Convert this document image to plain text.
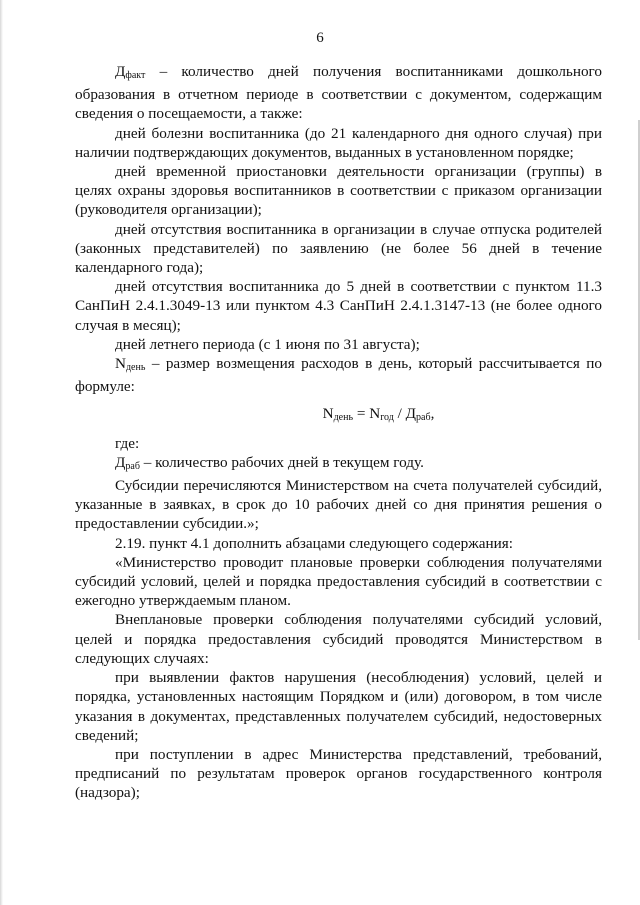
6

$Д_{факт}$ – количество дней получения воспитанниками дошкольного образования в отчетном периоде в соответствии с документом, содержащим сведения о посещаемости, а также:

дней болезни воспитанника (до 21 календарного дня одного случая) при наличии подтверждающих документов, выданных в установленном порядке;

дней временной приостановки деятельности организации (группы) в целях охраны здоровья воспитанников в соответствии с приказом организации (руководителя организации);

дней отсутствия воспитанника в организации в случае отпуска родителей (законных представителей) по заявлению (не более 56 дней в течение календарного года);

дней отсутствия воспитанника до 5 дней в соответствии с пунктом 11.3 СанПиН 2.4.1.3049-13 или пунктом 4.3 СанПиН 2.4.1.3147-13 (не более одного случая в месяц);

дней летнего периода (с 1 июня по 31 августа);

$N_{день}$ – размер возмещения расходов в день, который рассчитывается по формуле:

$N_{день} = N_{год} / Д_{раб}$,

где:

$Д_{раб}$ – количество рабочих дней в текущем году.

Субсидии перечисляются Министерством на счета получателей субсидий, указанные в заявках, в срок до 10 рабочих дней со дня принятия решения о предоставлении субсидии.»;

2.19. пункт 4.1 дополнить абзацами следующего содержания:

«Министерство проводит плановые проверки соблюдения получателями субсидий условий, целей и порядка предоставления субсидий в соответствии с ежегодно утверждаемым планом.

Внеплановые проверки соблюдения получателями субсидий условий, целей и порядка предоставления субсидий проводятся Министерством в следующих случаях:

при выявлении фактов нарушения (несоблюдения) условий, целей и порядка, установленных настоящим Порядком и (или) договором, в том числе указания в документах, представленных получателем субсидий, недостоверных сведений;

при поступлении в адрес Министерства представлений, требований, предписаний по результатам проверок органов государственного контроля (надзора);
